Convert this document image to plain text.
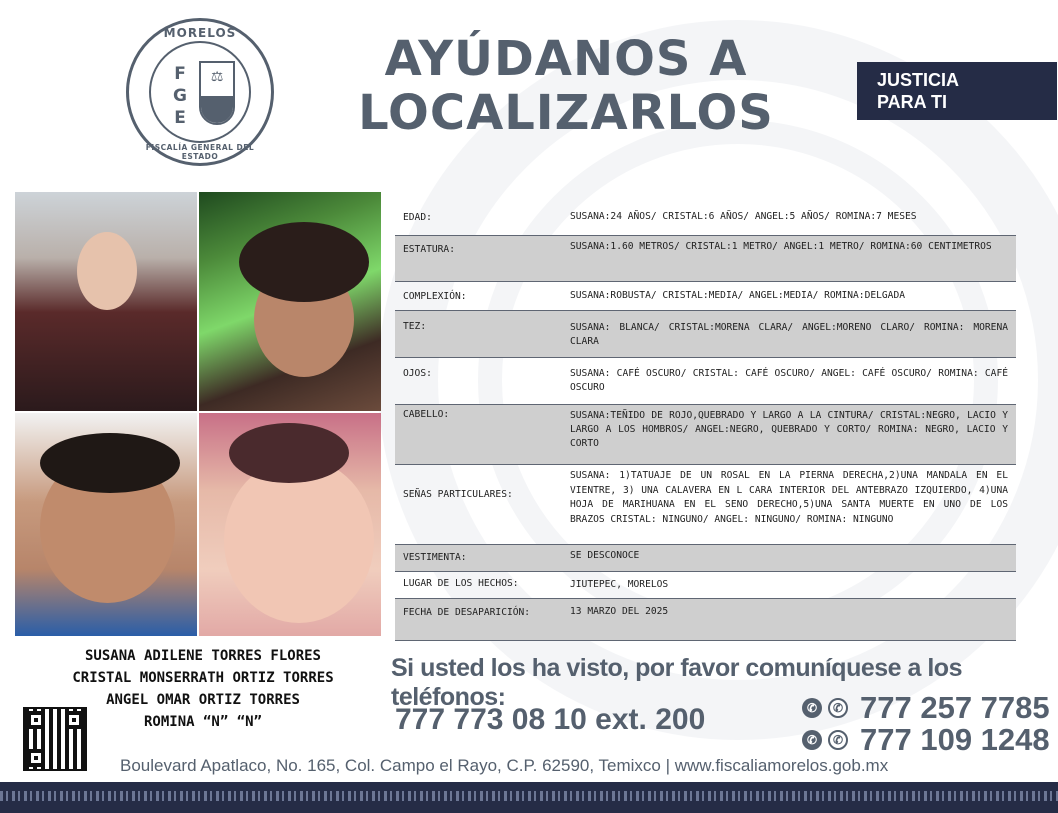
MORELOS
F
G
E
⚖
FISCALÍA GENERAL DEL ESTADO
AYÚDANOS A
LOCALIZARLOS
JUSTICIA
PARA TI
EDAD:	SUSANA:24 AÑOS/ CRISTAL:6 AÑOS/ ANGEL:5 AÑOS/ ROMINA:7 MESES
ESTATURA:	SUSANA:1.60 METROS/ CRISTAL:1 METRO/ ANGEL:1 METRO/ ROMINA:60 CENTIMETROS
COMPLEXIÓN:	SUSANA:ROBUSTA/ CRISTAL:MEDIA/ ANGEL:MEDIA/ ROMINA:DELGADA
TEZ:	SUSANA: BLANCA/ CRISTAL:MORENA CLARA/ ANGEL:MORENO CLARO/ ROMINA: MORENA CLARA
OJOS:	SUSANA: CAFÉ OSCURO/ CRISTAL: CAFÉ OSCURO/ ANGEL: CAFÉ OSCURO/ ROMINA: CAFÉ OSCURO
CABELLO:	SUSANA:TEÑIDO DE ROJO,QUEBRADO Y LARGO A LA CINTURA/ CRISTAL:NEGRO, LACIO Y LARGO A LOS HOMBROS/ ANGEL:NEGRO, QUEBRADO Y CORTO/ ROMINA: NEGRO, LACIO Y CORTO
SEÑAS PARTICULARES:
SUSANA: 1)TATUAJE DE UN ROSAL EN LA PIERNA DERECHA,2)UNA MANDALA EN EL VIENTRE, 3) UNA CALAVERA EN L CARA INTERIOR DEL ANTEBRAZO IZQUIERDO, 4)UNA HOJA DE MARIHUANA EN EL SENO DERECHO,5)UNA SANTA MUERTE EN UNO DE LOS BRAZOS CRISTAL: NINGUNO/ ANGEL: NINGUNO/ ROMINA: NINGUNO
VESTIMENTA:	SE DESCONOCE
LUGAR DE LOS HECHOS:	JIUTEPEC, MORELOS
FECHA DE DESAPARICIÓN:	13 MARZO DEL 2025
SUSANA ADILENE TORRES FLORES
CRISTAL MONSERRATH ORTIZ TORRES
ANGEL OMAR ORTIZ TORRES
ROMINA “N” “N”
Si usted los ha visto, por favor comuníquese a los teléfonos:
777 773 08 10 ext. 200	✆	✆ 777 257 7785
✆	✆ 777 109 1248
Boulevard Apatlaco, No. 165, Col. Campo el Rayo, C.P. 62590, Temixco | www.fiscaliamorelos.gob.mx
